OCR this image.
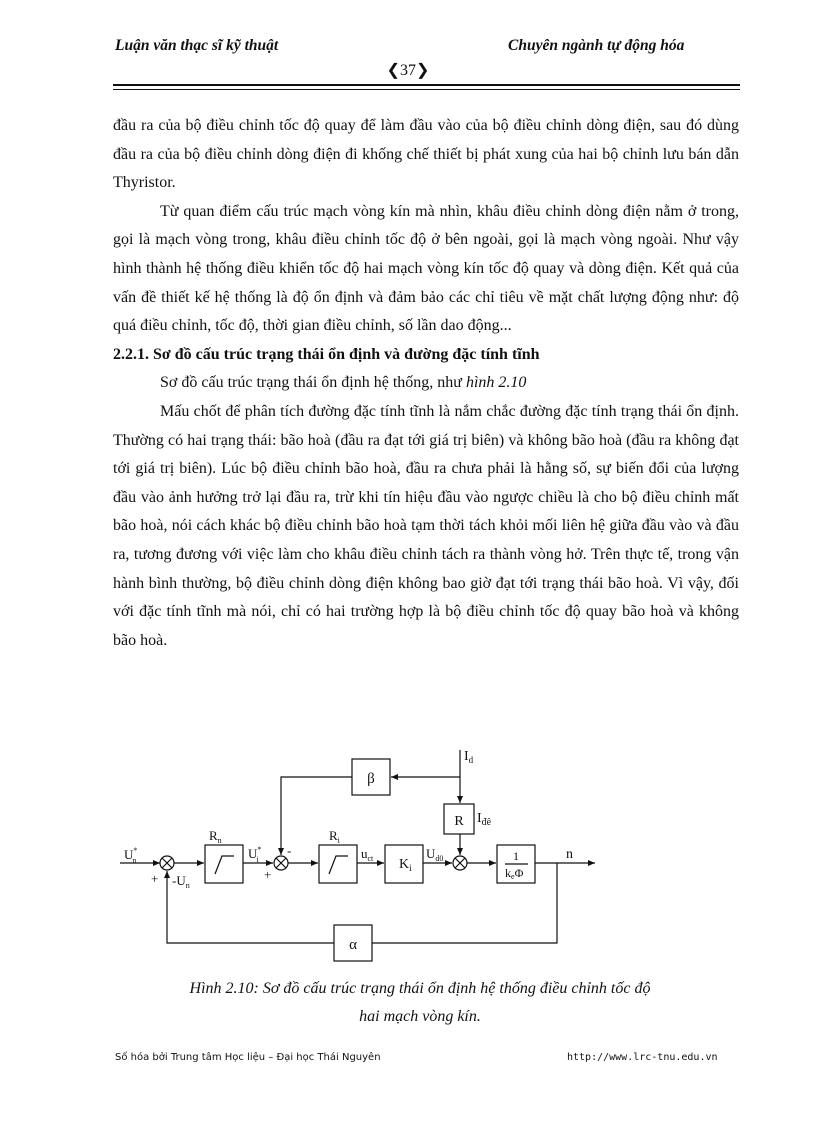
Luận văn thạc sĩ kỹ thuật	Chuyên ngành tự động hóa
❮37❯

đầu ra của bộ điều chỉnh tốc độ quay để làm đầu vào của bộ điều chỉnh dòng điện, sau đó dùng đầu ra của bộ điều chỉnh dòng điện đi khống chế thiết bị phát xung của hai bộ chỉnh lưu bán dẫn Thyristor.

Từ quan điểm cấu trúc mạch vòng kín mà nhìn, khâu điều chỉnh dòng điện nằm ở trong, gọi là mạch vòng trong, khâu điều chỉnh tốc độ ở bên ngoài, gọi là mạch vòng ngoài. Như vậy hình thành hệ thống điều khiển tốc độ hai mạch vòng kín tốc độ quay và dòng điện. Kết quả của vấn đề thiết kế hệ thống là độ ổn định và đảm bảo các chỉ tiêu về mặt chất lượng động như: độ quá điều chỉnh, tốc độ, thời gian điều chỉnh, số lần dao động...

2.2.1. Sơ đồ cấu trúc trạng thái ổn định và đường đặc tính tĩnh

Sơ đồ cấu trúc trạng thái ổn định hệ thống, như hình 2.10

Mấu chốt để phân tích đường đặc tính tĩnh là nắm chắc đường đặc tính trạng thái ổn định. Thường có hai trạng thái: bão hoà (đầu ra đạt tới giá trị biên) và không bão hoà (đầu ra không đạt tới giá trị biên). Lúc bộ điều chỉnh bão hoà, đầu ra chưa phải là hằng số, sự biến đổi của lượng đầu vào ảnh hưởng trở lại đầu ra, trừ khi tín hiệu đầu vào ngược chiều là cho bộ điều chỉnh mất bão hoà, nói cách khác bộ điều chỉnh bão hoà tạm thời tách khỏi mối liên hệ giữa đầu vào và đầu ra, tương đương với việc làm cho khâu điều chỉnh tách ra thành vòng hở. Trên thực tế, trong vận hành bình thường, bộ điều chỉnh dòng điện không bao giờ đạt tới trạng thái bão hoà. Vì vậy, đối với đặc tính tĩnh mà nói, chỉ có hai trường hợp là bộ điều chỉnh tốc độ quay bão hoà và không bão hoà.

β
α
R
$K_i$
1
keΦ
$I_d$
$I_{đê}$
$R_n$	$R_i$
U* n	U* i	$u_{ct}$	$U_{d0}$	n
$-U_n$
+	+
-
Hình 2.10: Sơ đồ cấu trúc trạng thái ổn định hệ thống điều chỉnh tốc độ
hai mạch vòng kín.
Số hóa bởi Trung tâm Học liệu – Đại học Thái Nguyên	http://www.lrc-tnu.edu.vn
